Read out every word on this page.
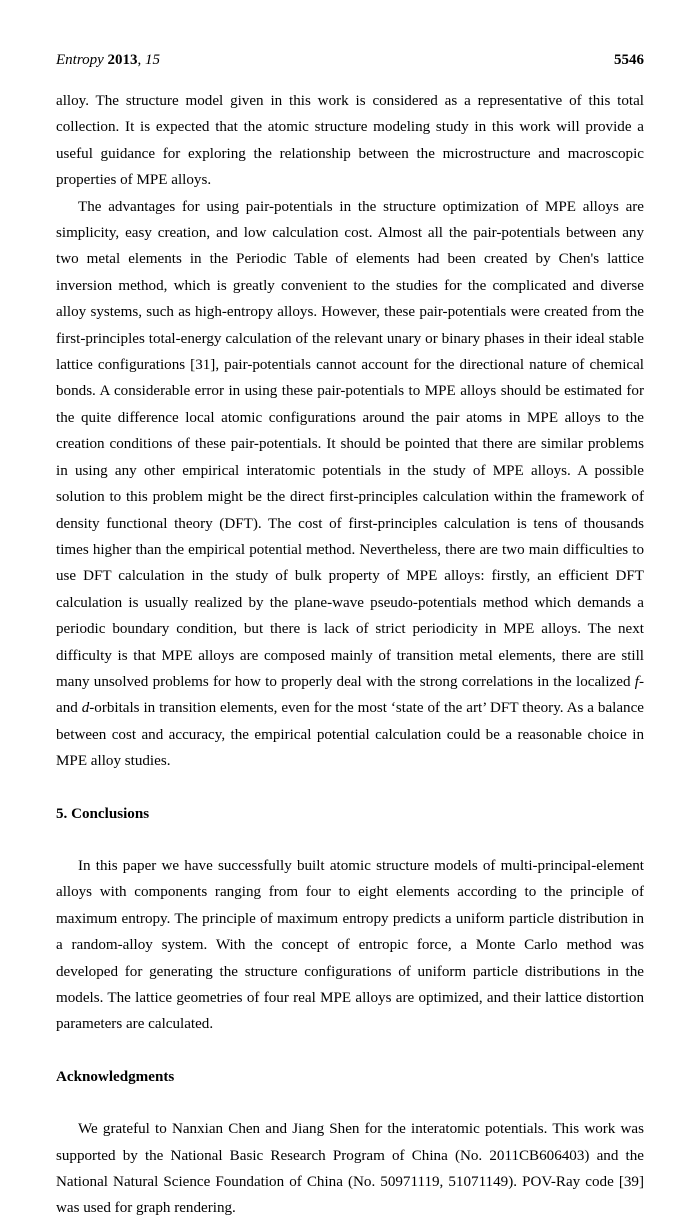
Entropy 2013, 15	5546

alloy. The structure model given in this work is considered as a representative of this total collection. It is expected that the atomic structure modeling study in this work will provide a useful guidance for exploring the relationship between the microstructure and macroscopic properties of MPE alloys.

The advantages for using pair-potentials in the structure optimization of MPE alloys are simplicity, easy creation, and low calculation cost. Almost all the pair-potentials between any two metal elements in the Periodic Table of elements had been created by Chen's lattice inversion method, which is greatly convenient to the studies for the complicated and diverse alloy systems, such as high-entropy alloys. However, these pair-potentials were created from the first-principles total-energy calculation of the relevant unary or binary phases in their ideal stable lattice configurations [31], pair-potentials cannot account for the directional nature of chemical bonds. A considerable error in using these pair-potentials to MPE alloys should be estimated for the quite difference local atomic configurations around the pair atoms in MPE alloys to the creation conditions of these pair-potentials. It should be pointed that there are similar problems in using any other empirical interatomic potentials in the study of MPE alloys. A possible solution to this problem might be the direct first-principles calculation within the framework of density functional theory (DFT). The cost of first-principles calculation is tens of thousands times higher than the empirical potential method. Nevertheless, there are two main difficulties to use DFT calculation in the study of bulk property of MPE alloys: firstly, an efficient DFT calculation is usually realized by the plane-wave pseudo-potentials method which demands a periodic boundary condition, but there is lack of strict periodicity in MPE alloys. The next difficulty is that MPE alloys are composed mainly of transition metal elements, there are still many unsolved problems for how to properly deal with the strong correlations in the localized f- and d-orbitals in transition elements, even for the most ‘state of the art’ DFT theory. As a balance between cost and accuracy, the empirical potential calculation could be a reasonable choice in MPE alloy studies.

5. Conclusions

In this paper we have successfully built atomic structure models of multi-principal-element alloys with components ranging from four to eight elements according to the principle of maximum entropy. The principle of maximum entropy predicts a uniform particle distribution in a random-alloy system. With the concept of entropic force, a Monte Carlo method was developed for generating the structure configurations of uniform particle distributions in the models. The lattice geometries of four real MPE alloys are optimized, and their lattice distortion parameters are calculated.

Acknowledgments

We grateful to Nanxian Chen and Jiang Shen for the interatomic potentials. This work was supported by the National Basic Research Program of China (No. 2011CB606403) and the National Natural Science Foundation of China (No. 50971119, 51071149). POV-Ray code [39] was used for graph rendering.
